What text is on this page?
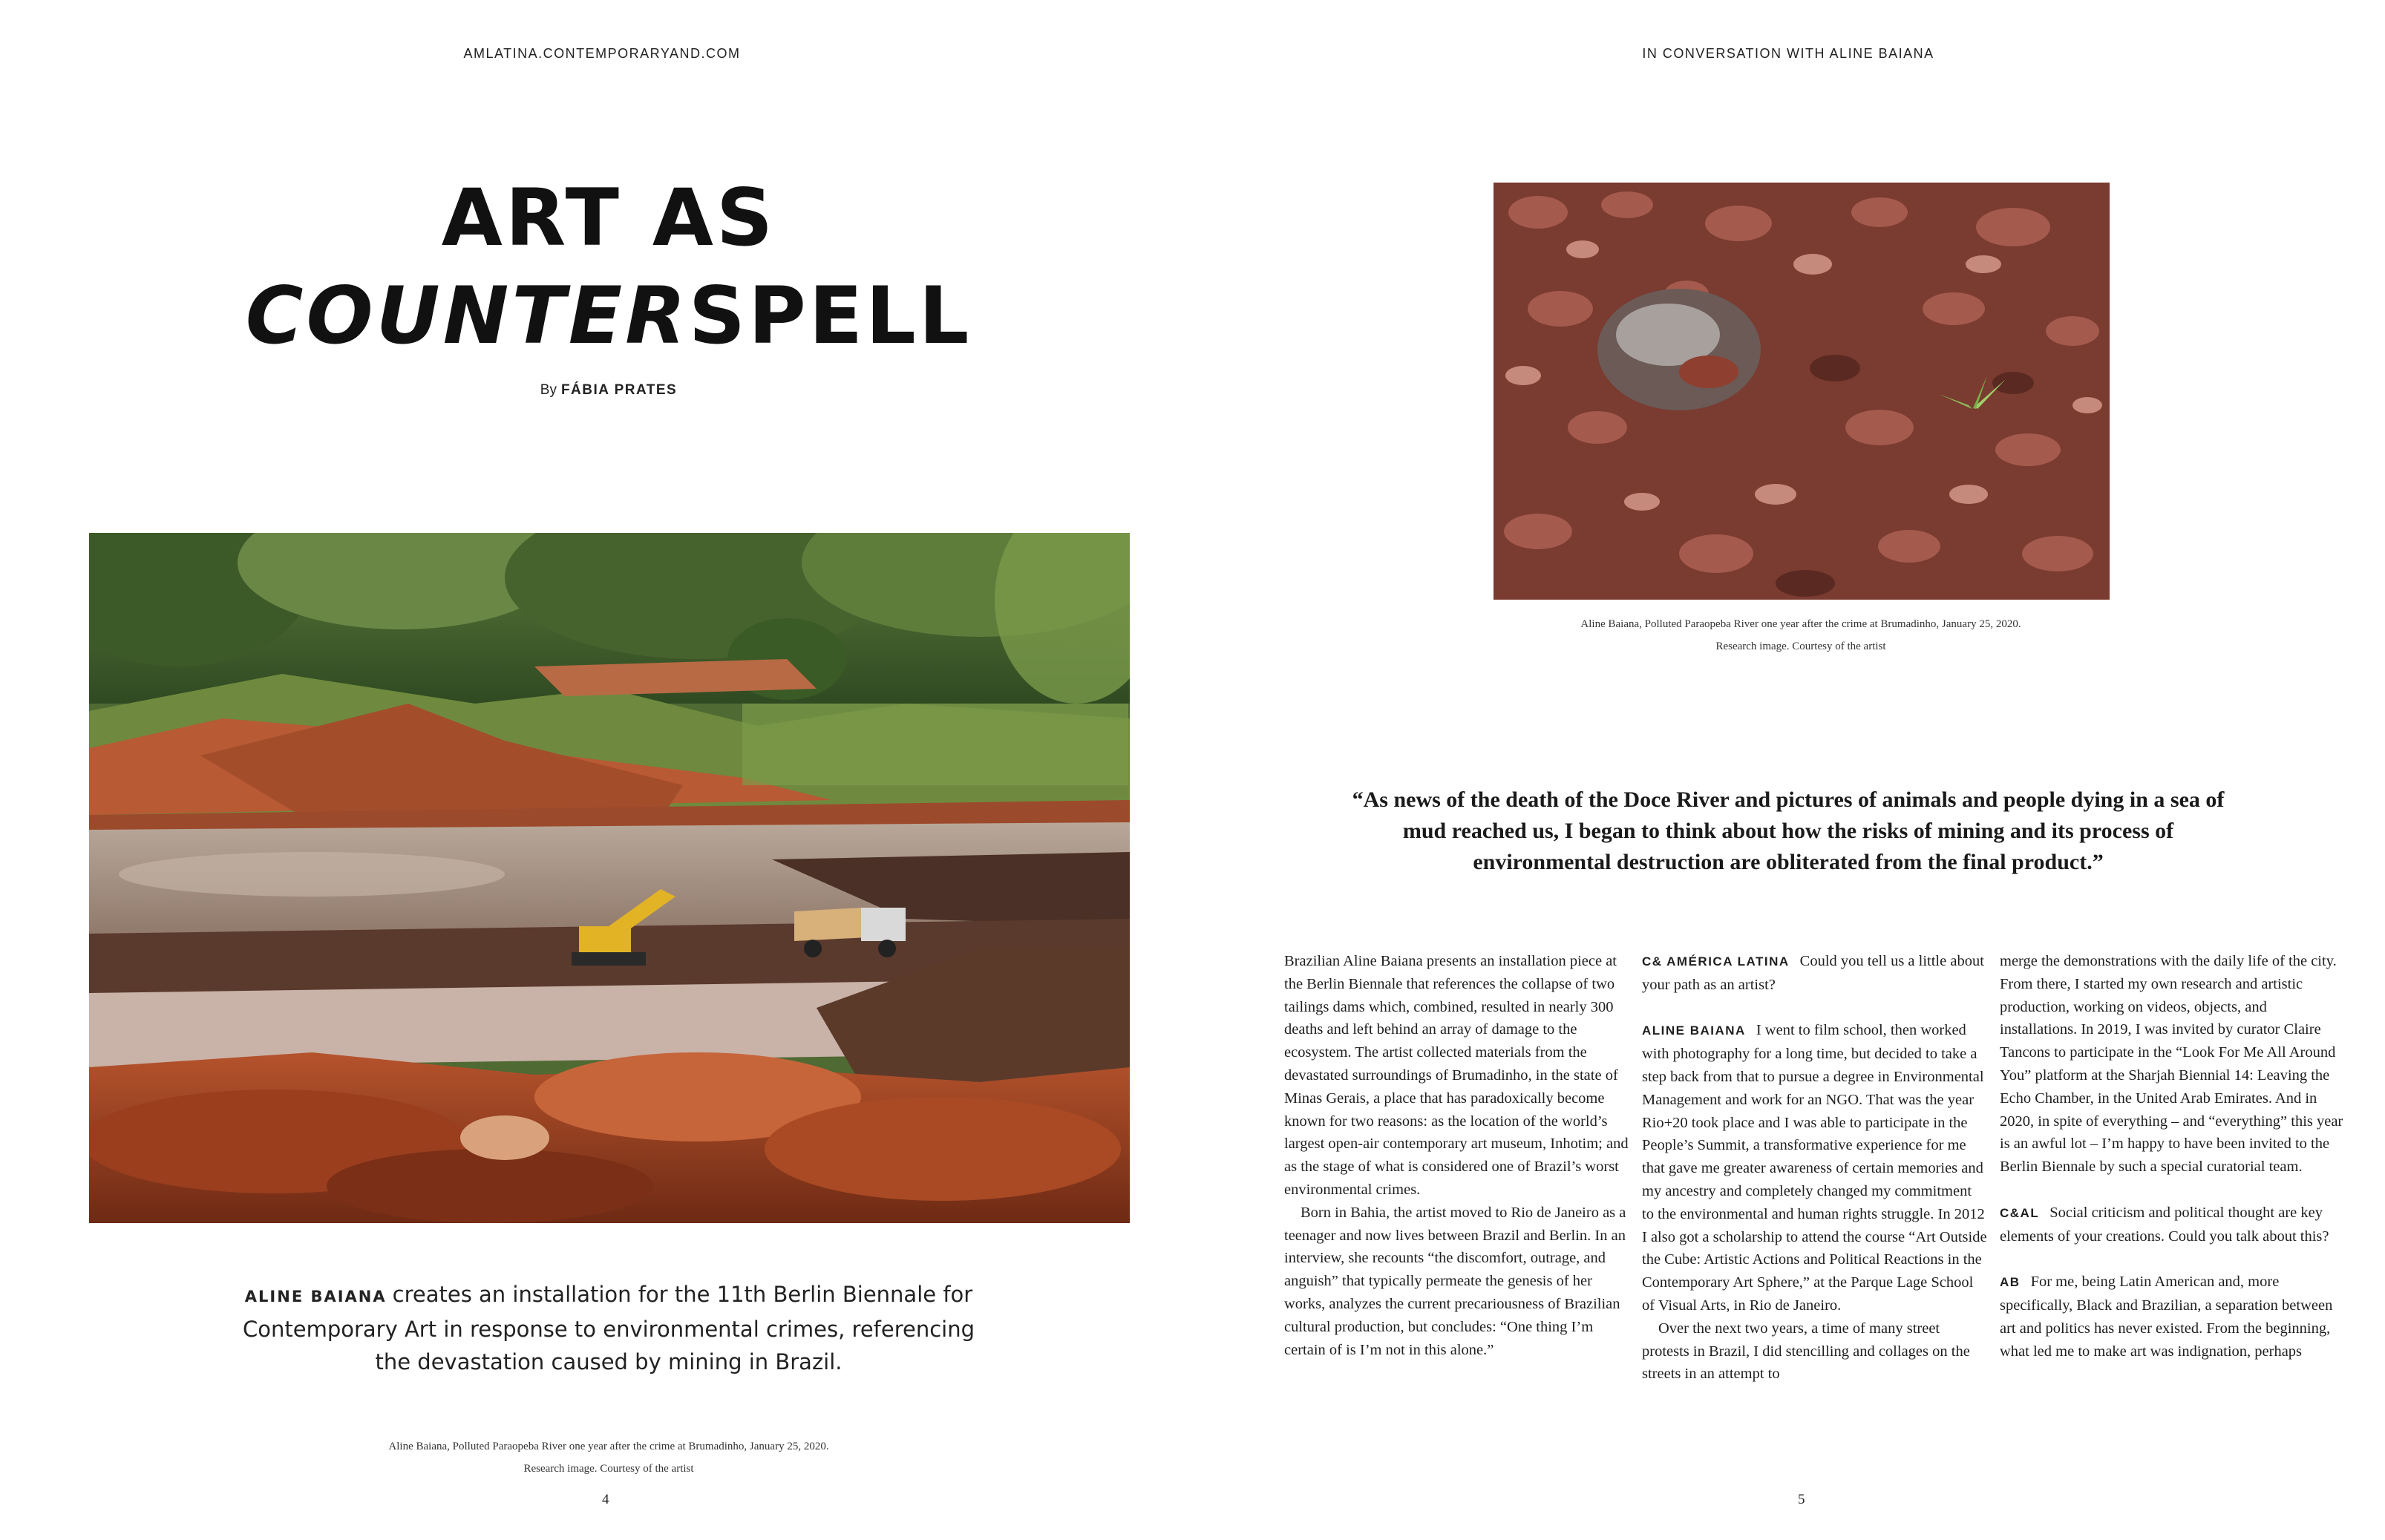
AMLATINA.CONTEMPORARYAND.COM
ART AS
COUNTERSPELL
By FÁBIA PRATES

ALINE BAIANA creates an installation for the 11th Berlin Biennale for Contemporary Art in response to environmental crimes, referencing the devastation caused by mining in Brazil.

Aline Baiana, Polluted Paraopeba River one year after the crime at Brumadinho, January 25, 2020.
Research image. Courtesy of the artist
4
IN CONVERSATION WITH ALINE BAIANA
Aline Baiana, Polluted Paraopeba River one year after the crime at Brumadinho, January 25, 2020.
Research image. Courtesy of the artist

“As news of the death of the Doce River and pictures of animals and people dying in a sea of mud reached us, I began to think about how the risks of mining and its process of environmental destruction are obliterated from the final product.”

Brazilian Aline Baiana presents an installation piece at the Berlin Biennale that references the collapse of two tailings dams which, combined, resulted in nearly 300 deaths and left behind an array of damage to the ecosystem. The artist collected materials from the devastated surroundings of Brumadinho, in the state of Minas Gerais, a place that has paradoxically become known for two reasons: as the location of the world’s largest open-air contemporary art museum, Inhotim; and as the stage of what is considered one of Brazil’s worst environmental crimes.

Born in Bahia, the artist moved to Rio de Janeiro as a teenager and now lives between Brazil and Berlin. In an interview, she recounts “the discomfort, outrage, and anguish” that typically permeate the genesis of her works, analyzes the current precariousness of Brazilian cultural production, but concludes: “One thing I’m certain of is I’m not in this alone.”

C& AMÉRICA LATINA Could you tell us a little about your path as an artist?

ALINE BAIANA I went to film school, then worked with photography for a long time, but decided to take a step back from that to pursue a degree in Environmental Management and work for an NGO. That was the year Rio+20 took place and I was able to participate in the People’s Summit, a transformative experience for me that gave me greater awareness of certain memories and my ancestry and completely changed my commitment to the environmental and human rights struggle. In 2012 I also got a scholarship to attend the course “Art Outside the Cube: Artistic Actions and Political Reactions in the Contemporary Art Sphere,” at the Parque Lage School of Visual Arts, in Rio de Janeiro.

Over the next two years, a time of many street protests in Brazil, I did stencilling and collages on the streets in an attempt to

merge the demonstrations with the daily life of the city. From there, I started my own research and artistic production, working on videos, objects, and installations. In 2019, I was invited by curator Claire Tancons to participate in the “Look For Me All Around You” platform at the Sharjah Biennial 14: Leaving the Echo Chamber, in the United Arab Emirates. And in 2020, in spite of everything – and “everything” this year is an awful lot – I’m happy to have been invited to the Berlin Biennale by such a special curatorial team.

C&AL Social criticism and political thought are key elements of your creations. Could you talk about this?

AB For me, being Latin American and, more specifically, Black and Brazilian, a separation between art and politics has never existed. From the beginning, what led me to make art was indignation, perhaps

5
